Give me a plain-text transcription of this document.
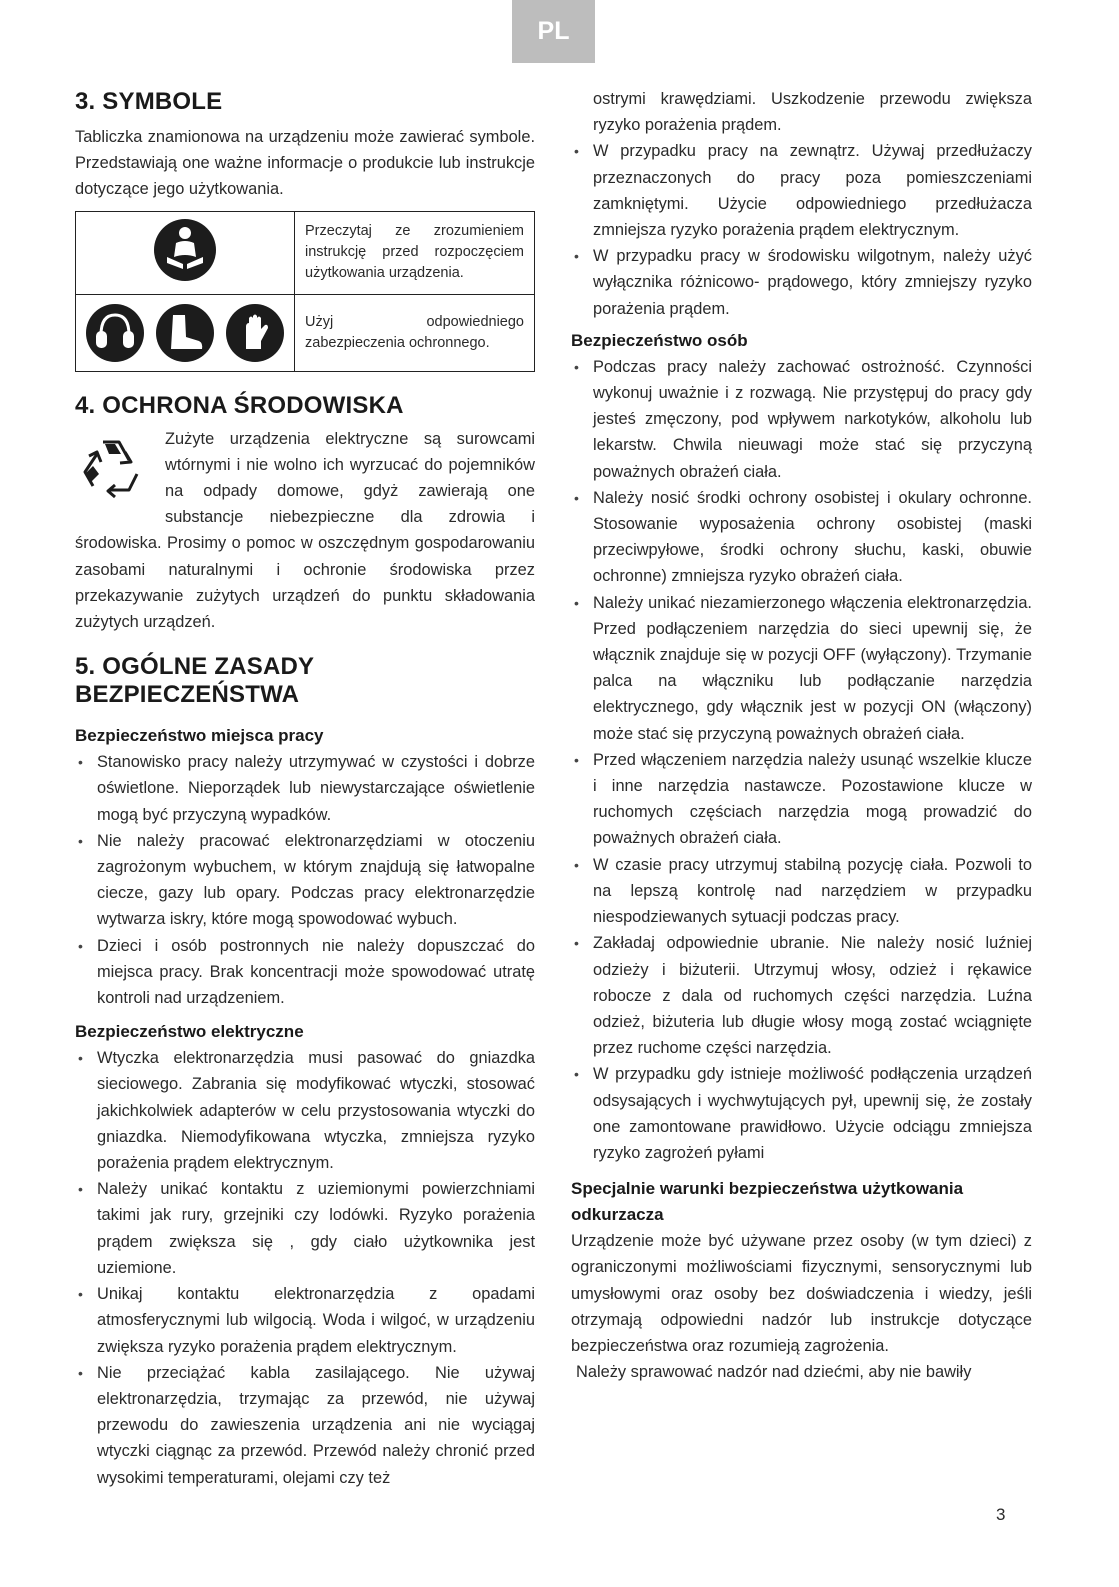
PL
3. SYMBOLE

Tabliczka znamionowa na urządzeniu może zawierać symbole. Przedstawiają one ważne informacje o produkcie lub instrukcje dotyczące jego użytkowania.

	Przeczytaj ze zrozumieniem instrukcję przed rozpoczęciem użytkowania urządzenia.

	Użyj odpowiedniego zabezpieczenia ochronnego.
4. OCHRONA ŚRODOWISKA

Zużyte urządzenia elektryczne są surowcami wtórnymi i nie wolno ich wyrzucać do pojemników na odpady domowe, gdyż zawierają one substancje niebezpieczne dla zdrowia i środowiska. Prosimy o pomoc w oszczędnym gospodarowaniu zasobami naturalnymi i ochronie środowiska przez przekazywanie zużytych urządzeń do punktu składowania zużytych urządzeń.

5. OGÓLNE ZASADY BEZPIECZEŃSTWA
Bezpieczeństwo miejsca pracy
• Stanowisko pracy należy utrzymywać w czystości i dobrze oświetlone. Nieporządek lub niewystarczające oświetlenie mogą być przyczyną wypadków.
• Nie należy pracować elektronarzędziami w otoczeniu zagrożonym wybuchem, w którym znajdują się łatwopalne ciecze, gazy lub opary. Podczas pracy elektronarzędzie wytwarza iskry, które mogą spowodować wybuch.
• Dzieci i osób postronnych nie należy dopuszczać do miejsca pracy. Brak koncentracji może spowodować utratę kontroli nad urządzeniem.
Bezpieczeństwo elektryczne
• Wtyczka elektronarzędzia musi pasować do gniazdka sieciowego. Zabrania się modyfikować wtyczki, stosować jakichkolwiek adapterów w celu przystosowania wtyczki do gniazdka. Niemodyfikowana wtyczka, zmniejsza ryzyko porażenia prądem elektrycznym.
• Należy unikać kontaktu z uziemionymi powierzchniami takimi jak rury, grzejniki czy lodówki. Ryzyko porażenia prądem zwiększa się , gdy ciało użytkownika jest uziemione.
• Unikaj kontaktu elektronarzędzia z opadami atmosferycznymi lub wilgocią. Woda i wilgoć, w urządzeniu zwiększa ryzyko porażenia prądem elektrycznym.
• Nie przeciążać kabla zasilającego. Nie używaj elektronarzędzia, trzymając za przewód, nie używaj przewodu do zawieszenia urządzenia ani nie wyciągaj wtyczki ciągnąc za przewód. Przewód należy chronić przed wysokimi temperaturami, olejami czy też

ostrymi krawędziami. Uszkodzenie przewodu zwiększa ryzyko porażenia prądem.

• W przypadku pracy na zewnątrz. Używaj przedłużaczy przeznaczonych do pracy poza pomieszczeniami zamkniętymi. Użycie odpowiedniego przedłużacza zmniejsza ryzyko porażenia prądem elektrycznym.
• W przypadku pracy w środowisku wilgotnym, należy użyć wyłącznika różnicowo- prądowego, który zmniejszy ryzyko porażenia prądem.
Bezpieczeństwo osób
• Podczas pracy należy zachować ostrożność. Czynności wykonuj uważnie i z rozwagą. Nie przystępuj do pracy gdy jesteś zmęczony, pod wpływem narkotyków, alkoholu lub lekarstw. Chwila nieuwagi może stać się przyczyną poważnych obrażeń ciała.
• Należy nosić środki ochrony osobistej i okulary ochronne. Stosowanie wyposażenia ochrony osobistej (maski przeciwpyłowe, środki ochrony słuchu, kaski, obuwie ochronne) zmniejsza ryzyko obrażeń ciała.
• Należy unikać niezamierzonego włączenia elektronarzędzia. Przed podłączeniem narzędzia do sieci upewnij się, że włącznik znajduje się w pozycji OFF (wyłączony). Trzymanie palca na włączniku lub podłączanie narzędzia elektrycznego, gdy włącznik jest w pozycji ON (włączony) może stać się przyczyną poważnych obrażeń ciała.
• Przed włączeniem narzędzia należy usunąć wszelkie klucze i inne narzędzia nastawcze. Pozostawione klucze w ruchomych częściach narzędzia mogą prowadzić do poważnych obrażeń ciała.
• W czasie pracy utrzymuj stabilną pozycję ciała. Pozwoli to na lepszą kontrolę nad narzędziem w przypadku niespodziewanych sytuacji podczas pracy.
• Zakładaj odpowiednie ubranie. Nie należy nosić luźniej odzieży i biżuterii. Utrzymuj włosy, odzież i rękawice robocze z dala od ruchomych części narzędzia. Luźna odzież, biżuteria lub długie włosy mogą zostać wciągnięte przez ruchome części narzędzia.
• W przypadku gdy istnieje możliwość podłączenia urządzeń odsysających i wychwytujących pył, upewnij się, że zostały one zamontowane prawidłowo. Użycie odciągu zmniejsza ryzyko zagrożeń pyłami
Specjalnie warunki bezpieczeństwa użytkowania odkurzacza

Urządzenie może być używane przez osoby (w tym dzieci) z ograniczonymi możliwościami fizycznymi, sensorycznymi lub umysłowymi oraz osoby bez doświadczenia i wiedzy, jeśli otrzymają odpowiedni nadzór lub instrukcje dotyczące bezpieczeństwa oraz rozumieją zagrożenia.

Należy sprawować nadzór nad dziećmi, aby nie bawiły

3
